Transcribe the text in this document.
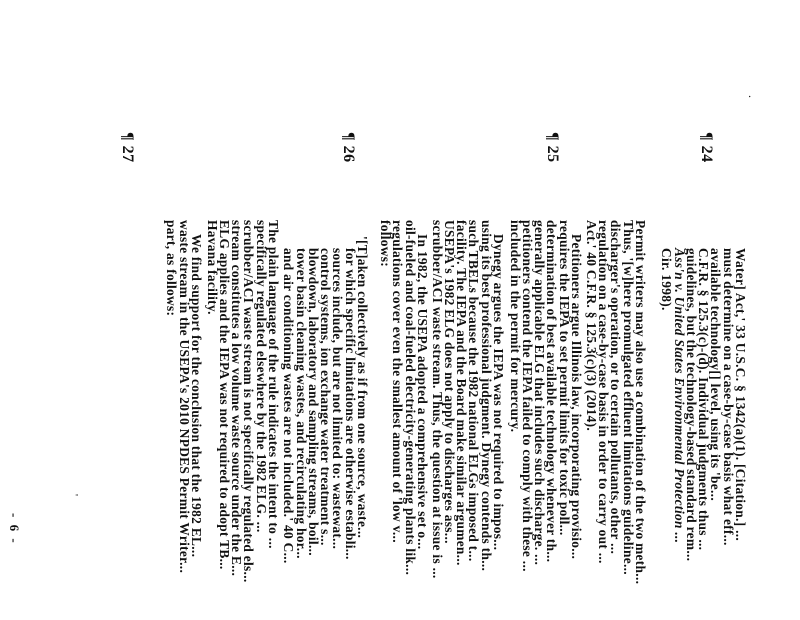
.
¶ 24
¶ 25
¶ 26
¶ 27
Water] Act,' 33 U.S.C. § 1342(a)(1). [Citation.] ...
must determine on a case-by-case basis what eff...
available technology[] level, using its 'be...
C.F.R. § 125.3(c)-(d). Individual judgments thus ...
guidelines, but the technology-based standard rem...
Ass'n v. United States Environmental Protection ...
Cir. 1998).
Permit writers may also use a combination of the two meth...
Thus, '[w]here promulgated effluent limitations guideline...
discharger's operation, or to certain pollutants, other ...
regulation on a case-by-case basis in order to carry out ...
Act.' 40 C.F.R. § 125.3(c)(3) (2014).
Petitioners argue Illinois law, incorporating provisio...
requires the IEPA to set permit limits for toxic poll...
determination of best available technology whenever th...
generally applicable ELG that includes such discharge. ...
petitioners contend the IEPA failed to comply with these ...
included in the permit for mercury.
Dynegy argues the IEPA was not required to impos...
using its best professional judgment. Dynegy contends th...
such TBELs because the 1982 national ELGs imposed t...
facility. The IEPA and the Board make similar argumen...
USEPA's 1982 ELG does not apply to discharges ass...
scrubber/ACI waste stream. Thus, the question at issue is ...
In 1982, the USEPA adopted a comprehensive set o...
oil-fueled and coal-fueled electricity-generating plants lik...
regulations cover even the smallest amount of 'low v...
follows:
'[T]aken collectively as if from one source, waste...
for which specific limitations are otherwise establi...
sources include, but are not limited to: wastewat...
control systems, ion exchange water treatment s...
blowdown, laboratory and sampling streams, boil...
tower basin cleaning wastes, and recirculating hor...
and air conditioning wastes are not included.' 40 C...
The plain language of the rule indicates the intent to ...
specifically regulated elsewhere by the 1982 ELG. ...
scrubber/ACI waste stream is not specifically regulated els...
stream constitutes a low volume waste source under the E...
ELG applies and the IEPA was not required to adopt TB...
Havana facility.
We find support for the conclusion that the 1982 EL...
waste stream in the USEPA's 2010 NPDES Permit Writer...
part, as follows:
'
- 6 -
